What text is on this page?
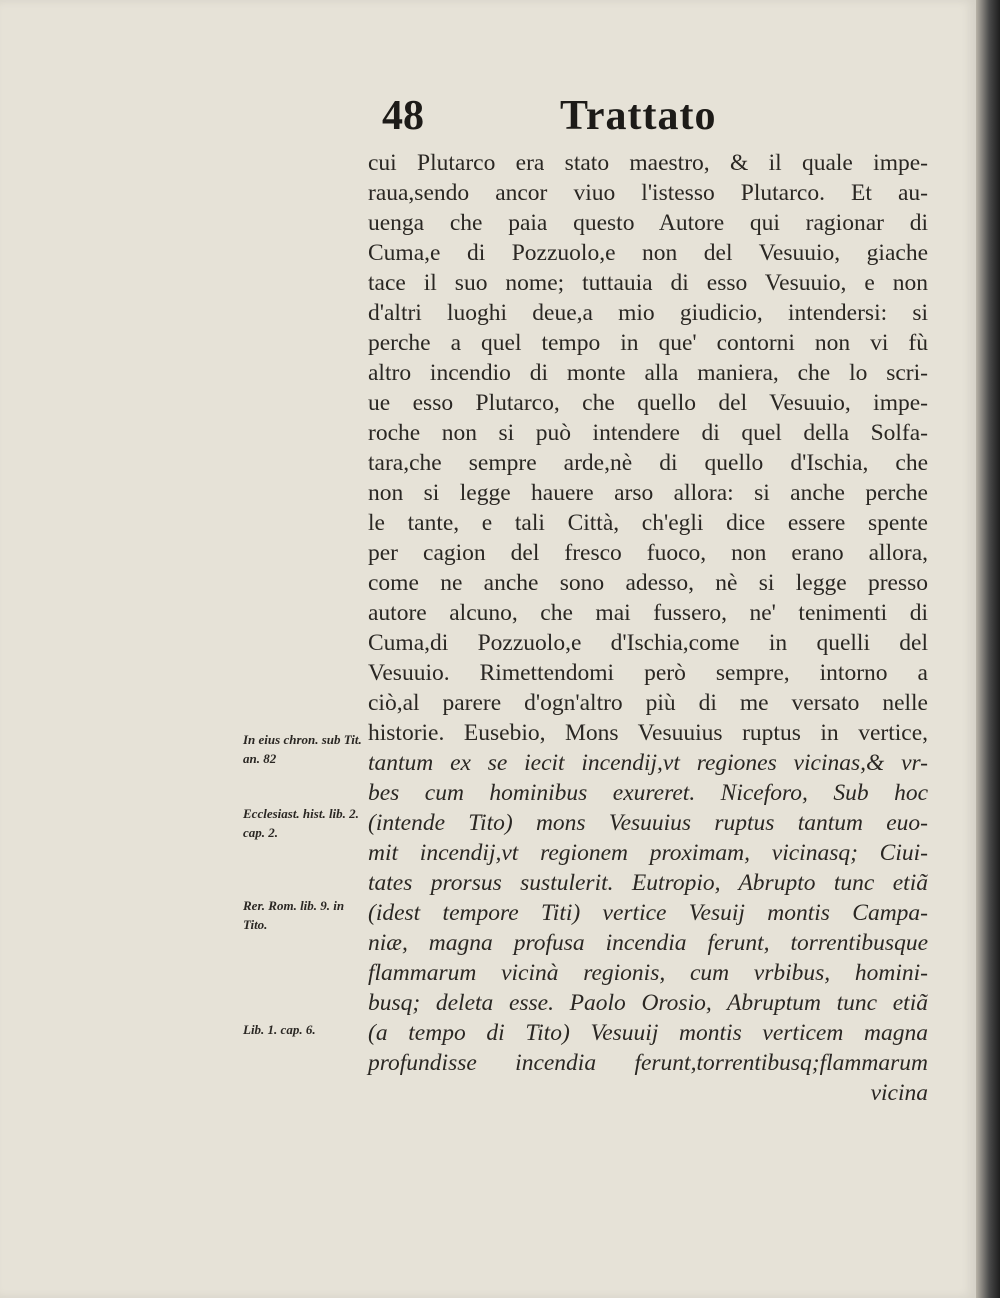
48	Trattato
cui Plutarco era stato maestro, & il quale impe-
raua,sendo ancor viuo l'istesso Plutarco. Et au-
uenga che paia questo Autore qui ragionar di
Cuma,e di Pozzuolo,e non del Vesuuio, giache
tace il suo nome; tuttauia di esso Vesuuio, e non
d'altri luoghi deue,a mio giudicio, intendersi: si
perche a quel tempo in que' contorni non vi fù
altro incendio di monte alla maniera, che lo scri-
ue esso Plutarco, che quello del Vesuuio, impe-
roche non si può intendere di quel della Solfa-
tara,che sempre arde,nè di quello d'Ischia, che
non si legge hauere arso allora: si anche perche
le tante, e tali Città, ch'egli dice essere spente
per cagion del fresco fuoco, non erano allora,
come ne anche sono adesso, nè si legge presso
autore alcuno, che mai fussero, ne' tenimenti di
Cuma,di Pozzuolo,e d'Ischia,come in quelli del
Vesuuio. Rimettendomi però sempre, intorno a
ciò,al parere d'ogn'altro più di me versato nelle
historie. Eusebio, Mons Vesuuius ruptus in vertice,
tantum ex se iecit incendij,vt regiones vicinas,& vr-
bes cum hominibus exureret. Niceforo, Sub hoc
(intende Tito) mons Vesuuius ruptus tantum euo-
mit incendij,vt regionem proximam, vicinasq; Ciui-
tates prorsus sustulerit. Eutropio, Abrupto tunc etiã
(idest tempore Titi) vertice Vesuij montis Campa-
niæ, magna profusa incendia ferunt, torrentibusque
flammarum vicinà regionis, cum vrbibus, homini-
busq; deleta esse. Paolo Orosio, Abruptum tunc etiã
(a tempo di Tito) Vesuuij montis verticem magna
profundisse incendia ferunt,torrentibusq;flammarum
vicina
In eius chron. sub Tit. an. 82
Ecclesiast. hist. lib. 2. cap. 2.
Rer. Rom. lib. 9. in Tito.
Lib. 1. cap. 6.
